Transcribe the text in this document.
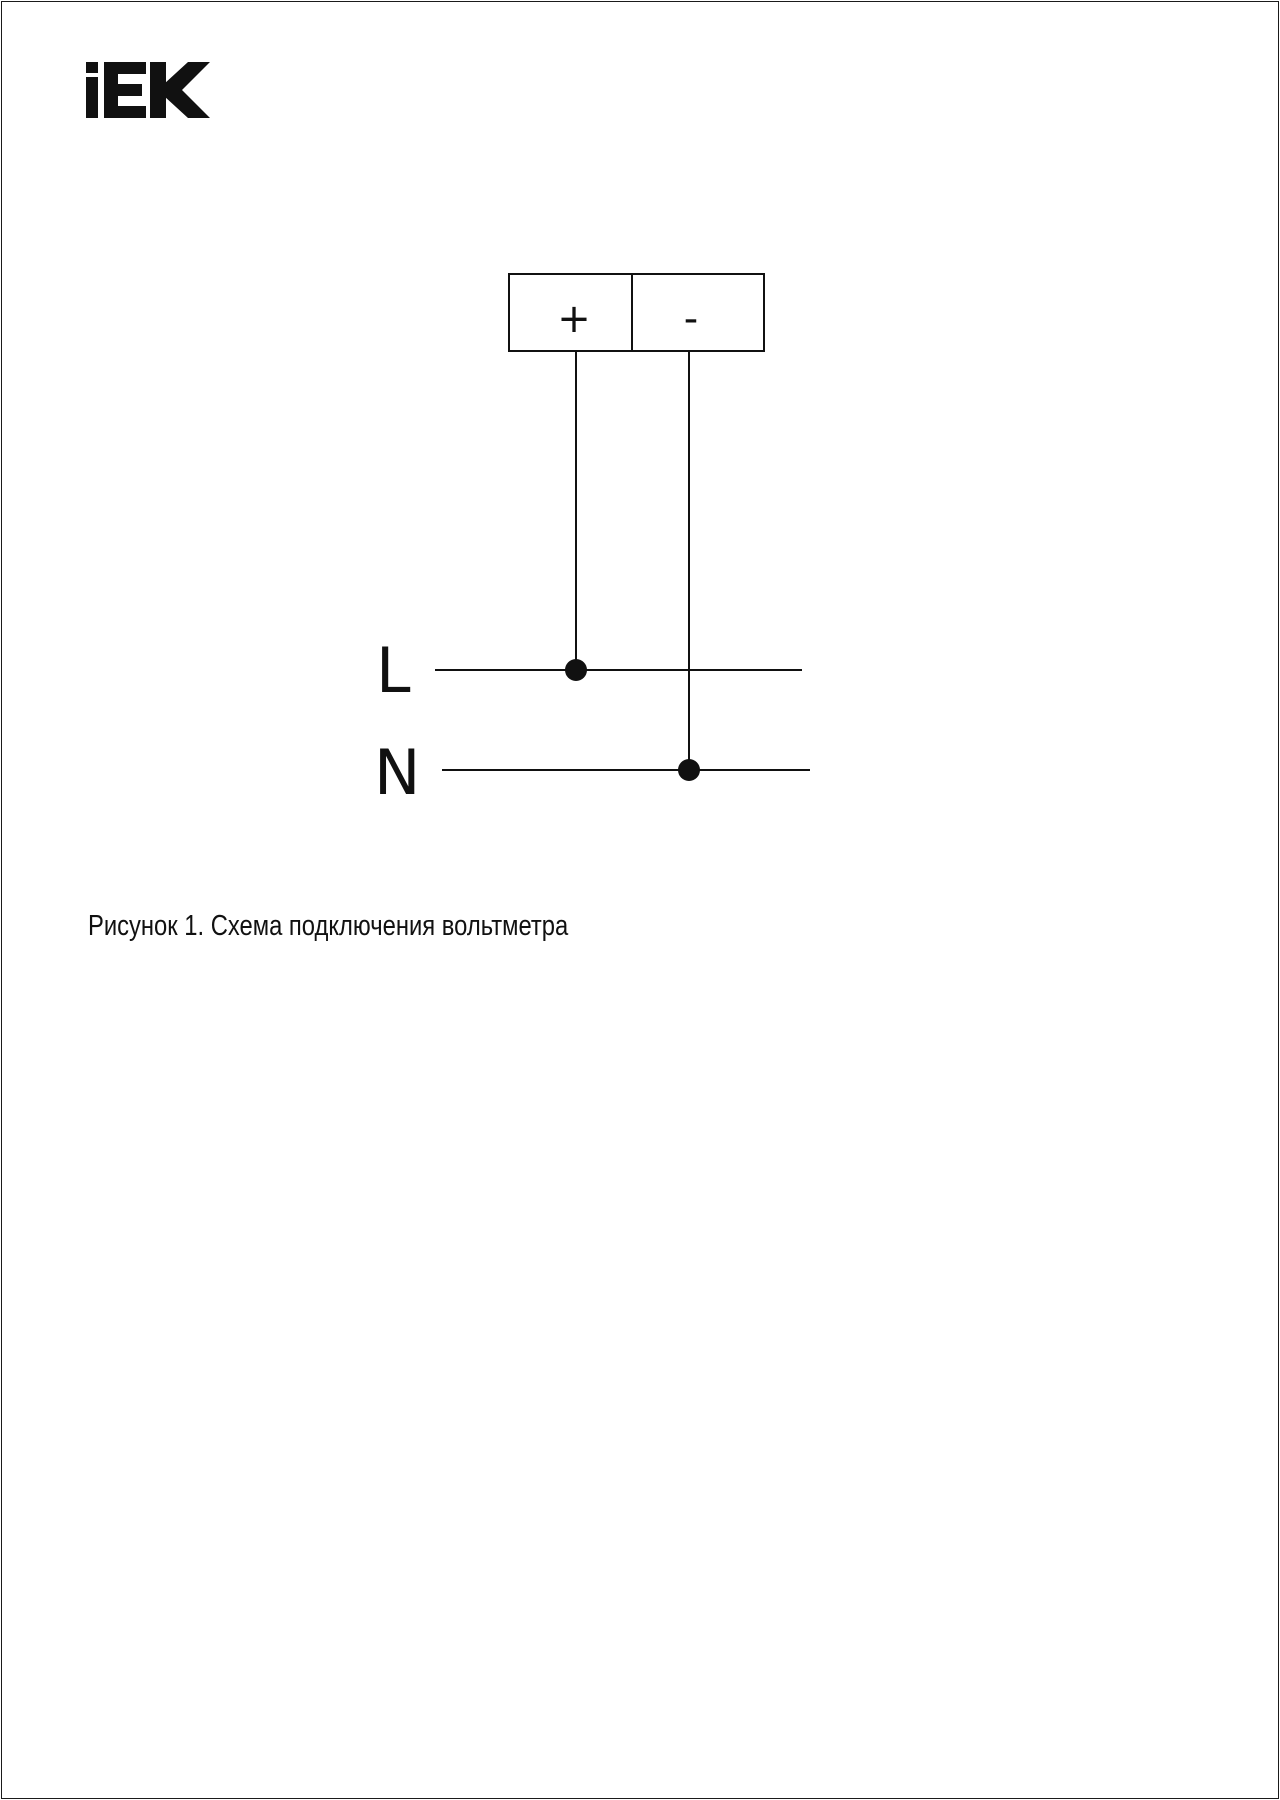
+ -
L
N
Рисунок 1. Схема подключения вольтметра
